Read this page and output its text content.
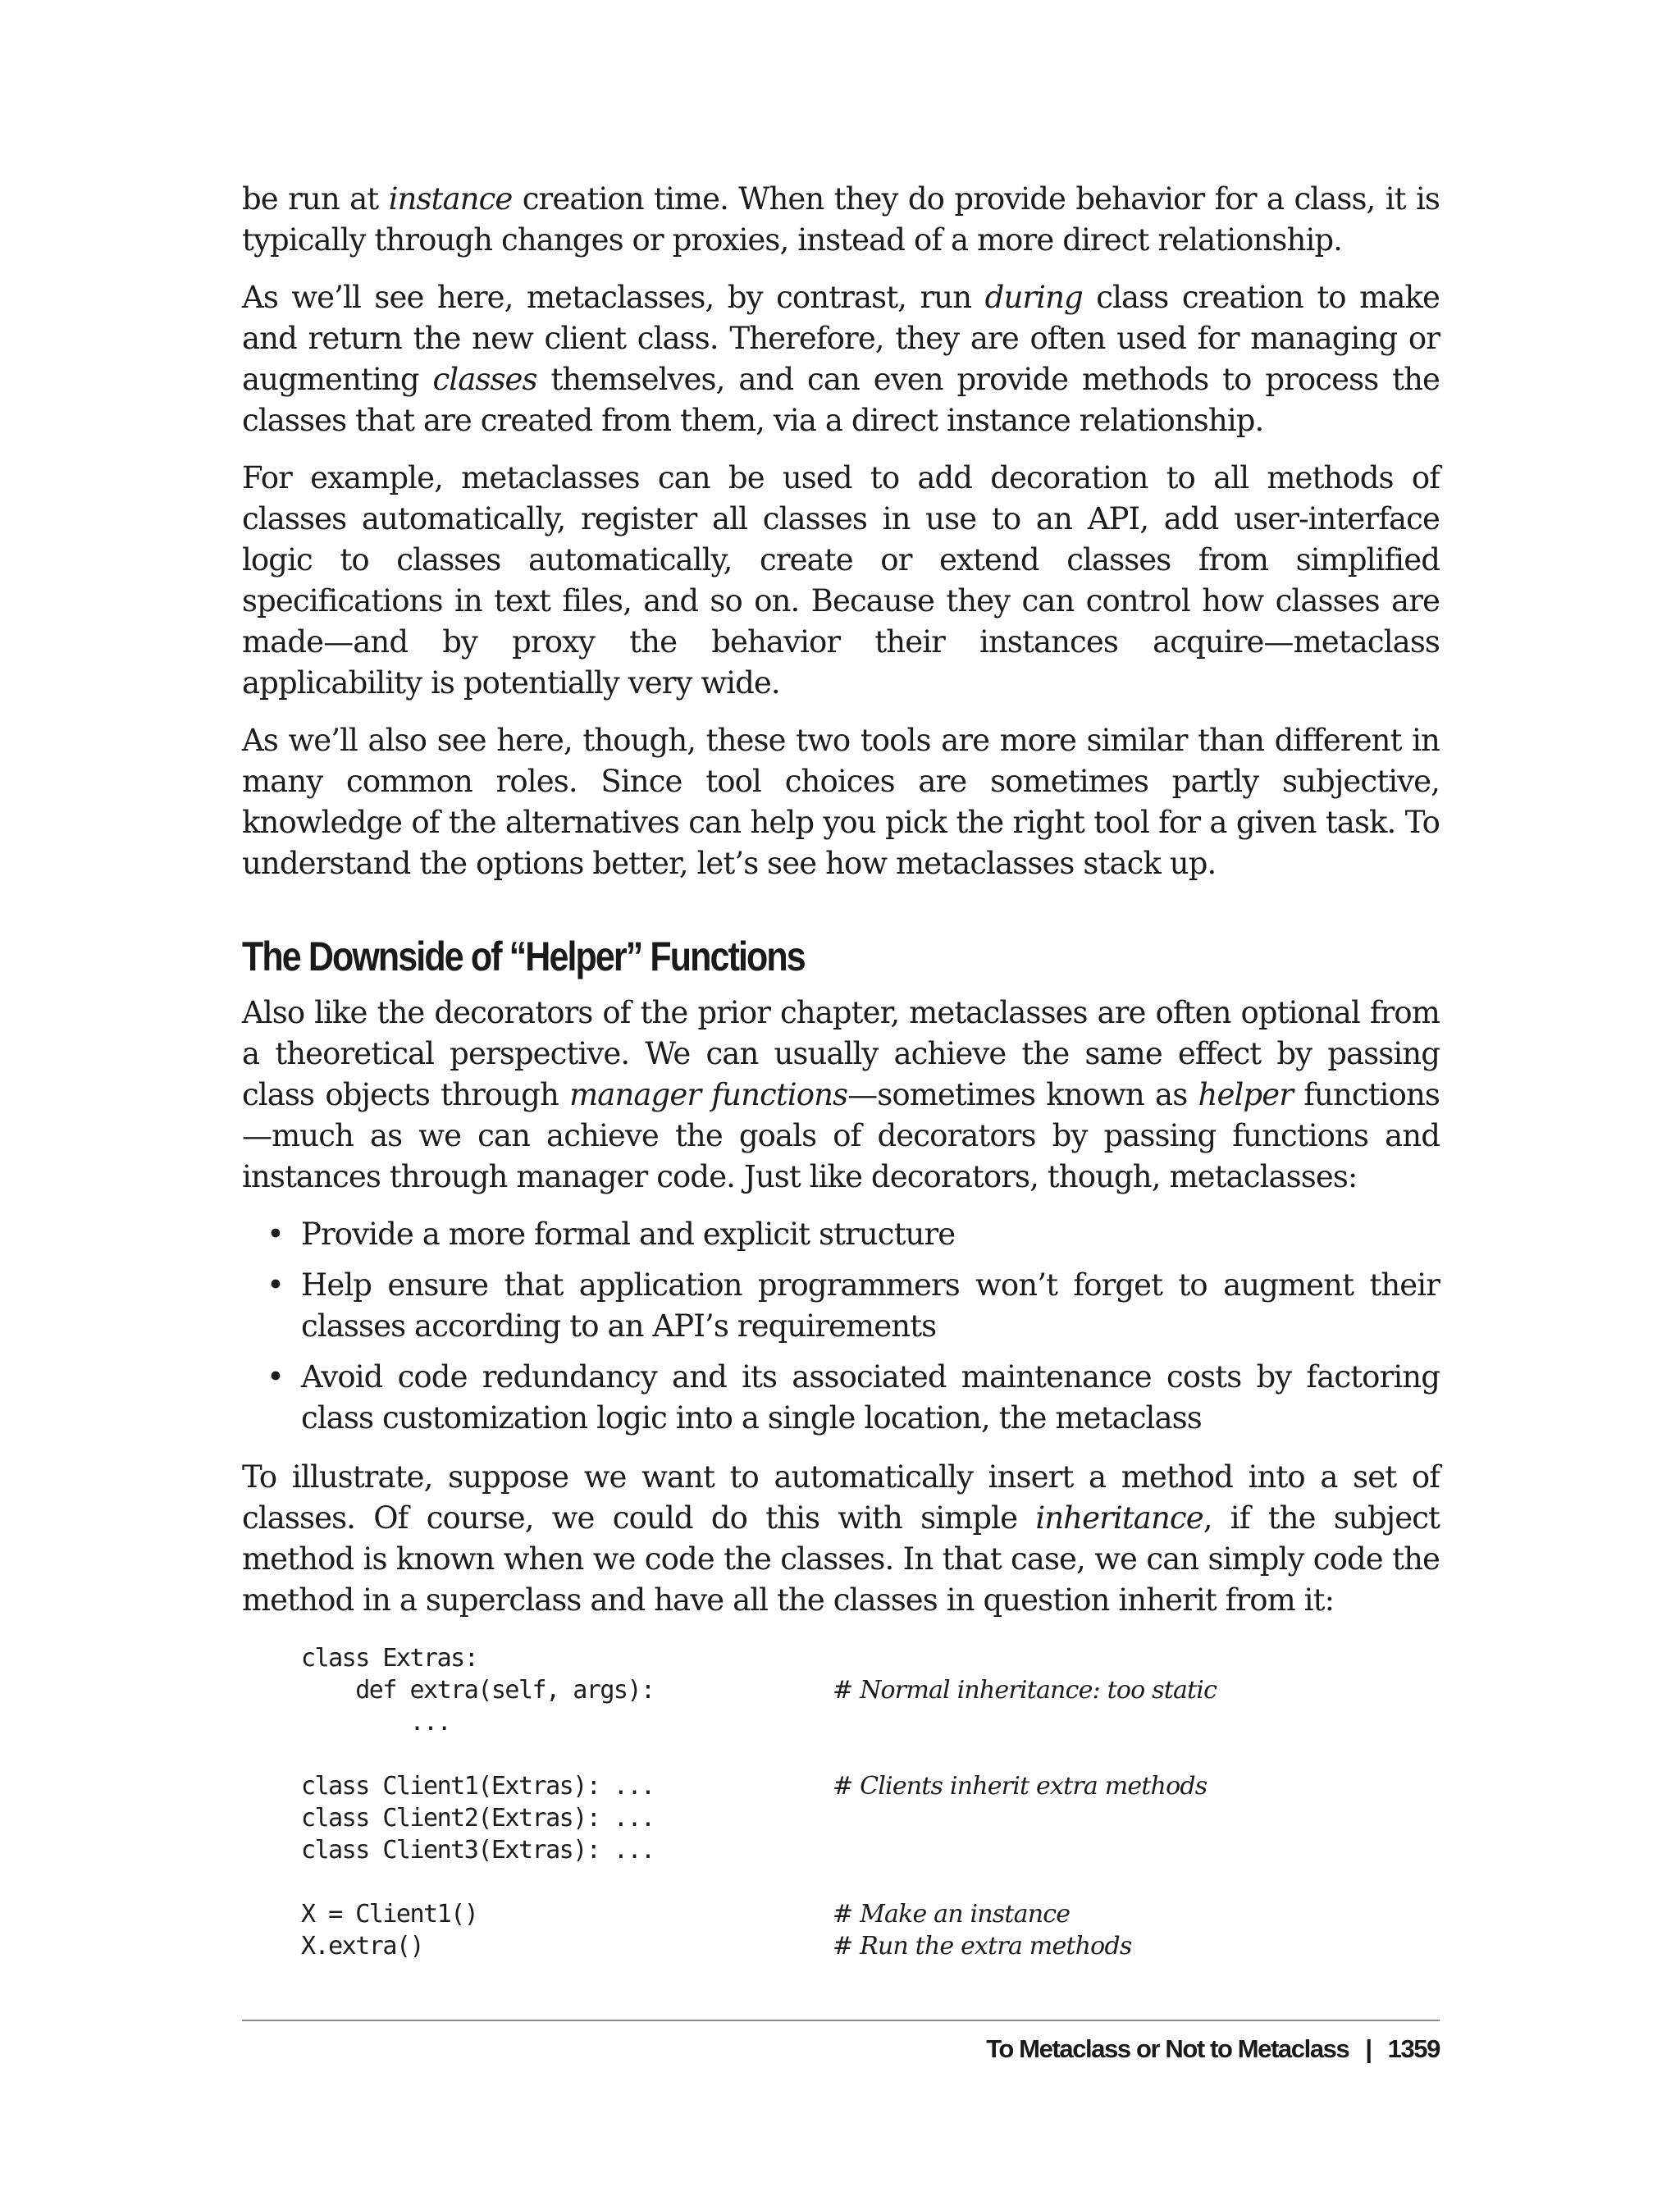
be run at instance creation time. When they do provide behavior for a class, it is typically through changes or proxies, instead of a more direct relationship.

As we’ll see here, metaclasses, by contrast, run during class creation to make and return the new client class. Therefore, they are often used for managing or augmenting classes themselves, and can even provide methods to process the classes that are created from them, via a direct instance relationship.

For example, metaclasses can be used to add decoration to all methods of classes automatically, register all classes in use to an API, add user-interface logic to classes automatically, create or extend classes from simplified specifications in text files, and so on. Because they can control how classes are made—and by proxy the behavior their instances acquire—metaclass applicability is potentially very wide.

As we’ll also see here, though, these two tools are more similar than different in many common roles. Since tool choices are sometimes partly subjective, knowledge of the alternatives can help you pick the right tool for a given task. To understand the options better, let’s see how metaclasses stack up.

The Downside of “Helper” Functions

Also like the decorators of the prior chapter, metaclasses are often optional from a theoretical perspective. We can usually achieve the same effect by passing class objects through manager functions—sometimes known as helper functions—much as we can achieve the goals of decorators by passing functions and instances through manager code. Just like decorators, though, metaclasses:

• Provide a more formal and explicit structure
• Help ensure that application programmers won’t forget to augment their classes according to an API’s requirements
• Avoid code redundancy and its associated maintenance costs by factoring class customization logic into a single location, the metaclass

To illustrate, suppose we want to automatically insert a method into a set of classes. Of course, we could do this with simple inheritance, if the subject method is known when we code the classes. In that case, we can simply code the method in a superclass and have all the classes in question inherit from it:

class Extras:
def extra(self, args):	# Normal inheritance: too static
...
class Client1(Extras): ...	# Clients inherit extra methods
class Client2(Extras): ...
class Client3(Extras): ...
X = Client1()	# Make an instance
X.extra()	# Run the extra methods
To Metaclass or Not to Metaclass | 1359
